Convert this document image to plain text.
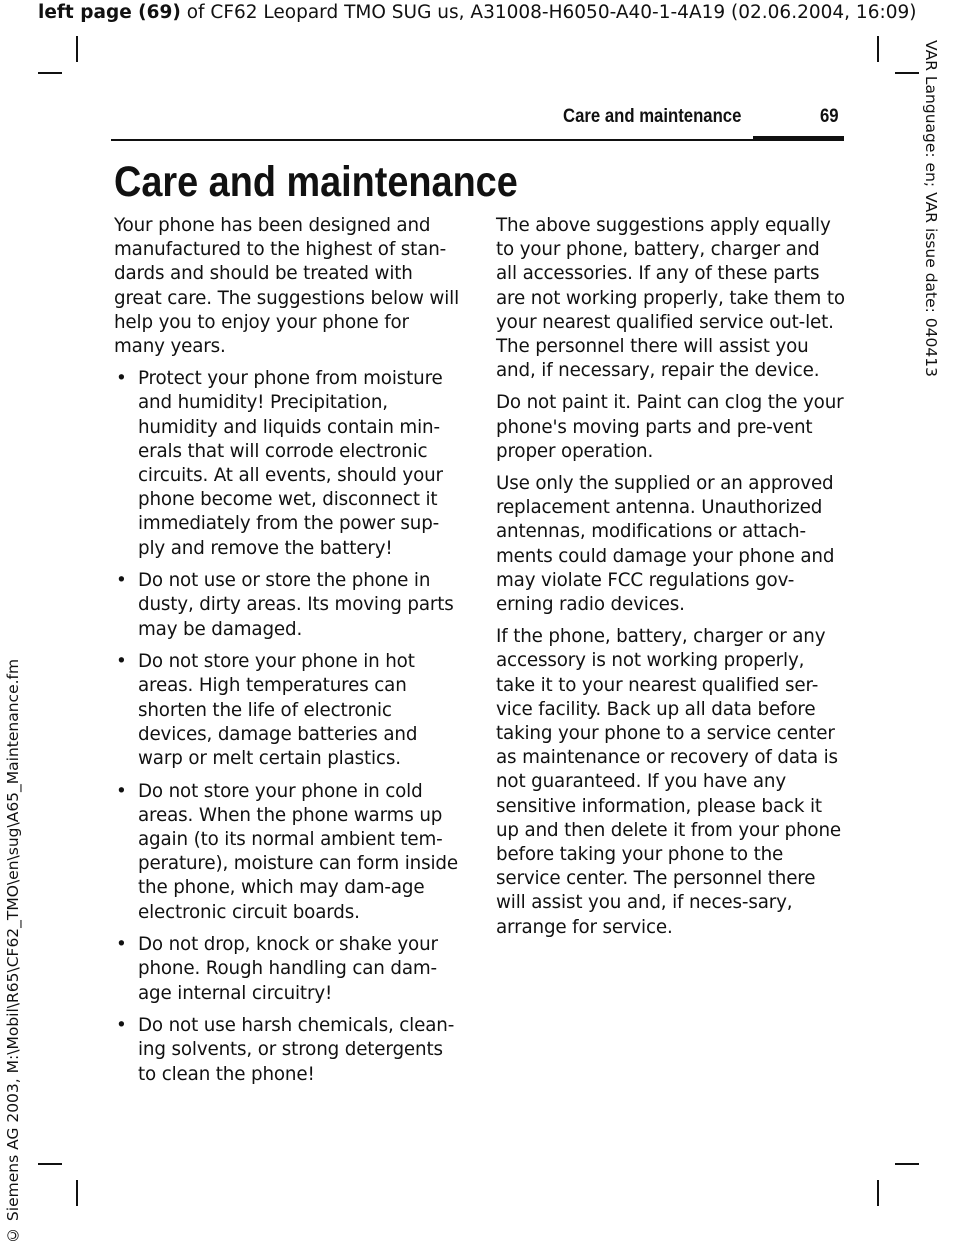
left page (69) of CF62 Leopard TMO SUG us, A31008-H6050-A40-1-4A19 (02.06.2004, 16:09)
VAR Language: en; VAR issue date: 040413
© Siemens AG 2003, M:\Mobil\R65\CF62_TMO\en\sug\A65_Maintenance.fm
Care and maintenance	69
Care and maintenance

Your phone has been designed and manufactured to the highest of stan-dards and should be treated with great care. The suggestions below will help you to enjoy your phone for many years.

• Protect your phone from moisture and humidity! Precipitation, humidity and liquids contain min-erals that will corrode electronic circuits. At all events, should your phone become wet, disconnect it immediately from the power sup-ply and remove the battery!
• Do not use or store the phone in dusty, dirty areas. Its moving parts may be damaged.
• Do not store your phone in hot areas. High temperatures can shorten the life of electronic devices, damage batteries and warp or melt certain plastics.
• Do not store your phone in cold areas. When the phone warms up again (to its normal ambient tem-perature), moisture can form inside the phone, which may dam-age electronic circuit boards.
• Do not drop, knock or shake your phone. Rough handling can dam-age internal circuitry!
• Do not use harsh chemicals, clean-ing solvents, or strong detergents to clean the phone!

The above suggestions apply equally to your phone, battery, charger and all accessories. If any of these parts are not working properly, take them to your nearest qualified service out-let. The personnel there will assist you and, if necessary, repair the device.

Do not paint it. Paint can clog the your phone's moving parts and pre-vent proper operation.

Use only the supplied or an approved replacement antenna. Unauthorized antennas, modifications or attach-ments could damage your phone and may violate FCC regulations gov-erning radio devices.

If the phone, battery, charger or any accessory is not working properly, take it to your nearest qualified ser-vice facility. Back up all data before taking your phone to a service center as maintenance or recovery of data is not guaranteed. If you have any sensitive information, please back it up and then delete it from your phone before taking your phone to the service center. The personnel there will assist you and, if neces-sary, arrange for service.
